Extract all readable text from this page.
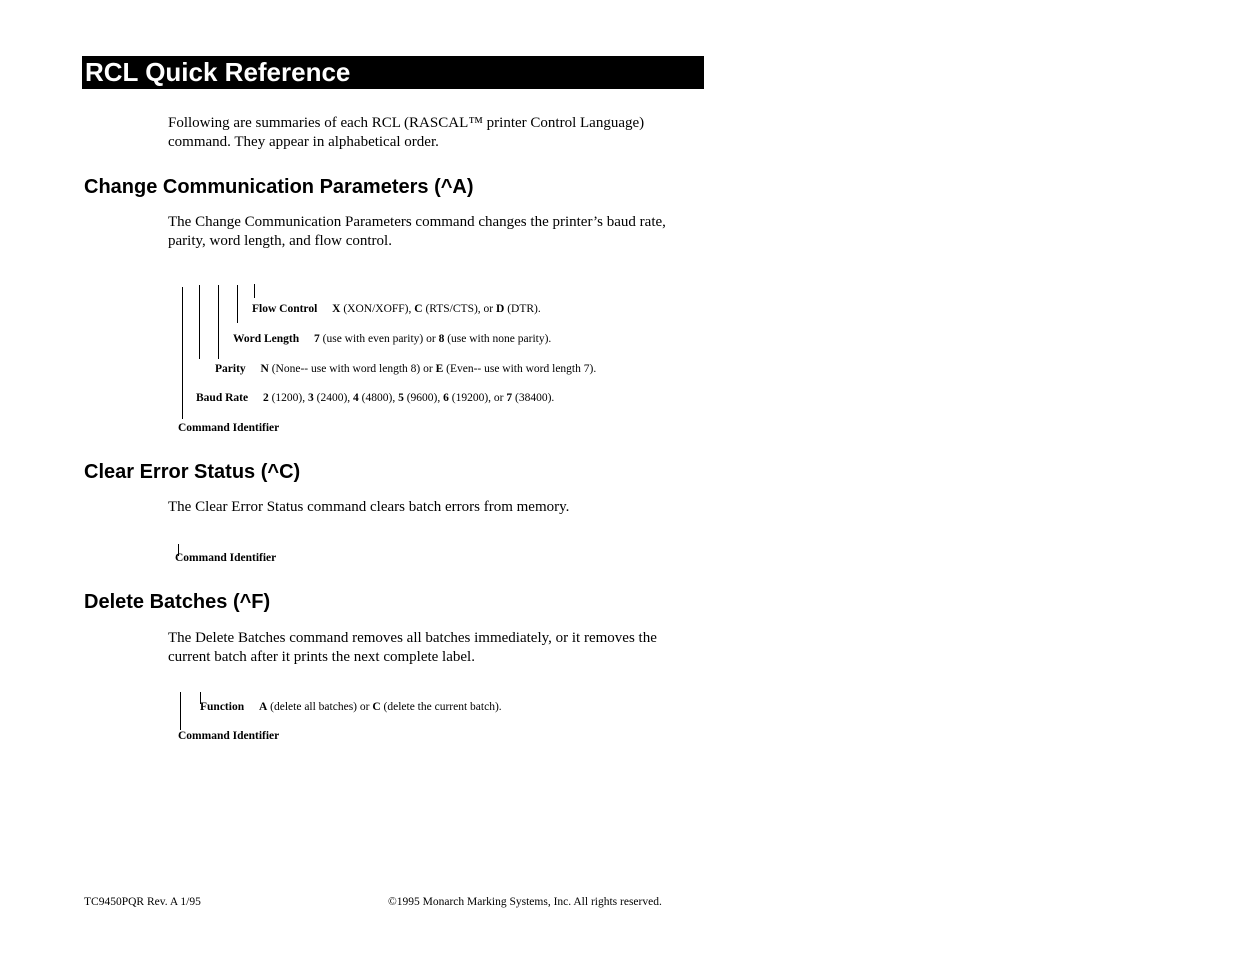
RCL Quick Reference
Following are summaries of each RCL (RASCAL™ printer Control Language) command. They appear in alphabetical order.
Change Communication Parameters (^A)
The Change Communication Parameters command changes the printer’s baud rate, parity, word length, and flow control.
Flow Control X (XON/XOFF), C (RTS/CTS), or D (DTR).
Word Length 7 (use with even parity) or 8 (use with none parity).
Parity N (None-- use with word length 8) or E (Even-- use with word length 7).
Baud Rate 2 (1200), 3 (2400), 4 (4800), 5 (9600), 6 (19200), or 7 (38400).
Command Identifier
Clear Error Status (^C)
The Clear Error Status command clears batch errors from memory.
Command Identifier
Delete Batches (^F)
The Delete Batches command removes all batches immediately, or it removes the current batch after it prints the next complete label.
Function A (delete all batches) or C (delete the current batch).
Command Identifier
TC9450PQR Rev. A 1/95	©1995 Monarch Marking Systems, Inc. All rights reserved.
